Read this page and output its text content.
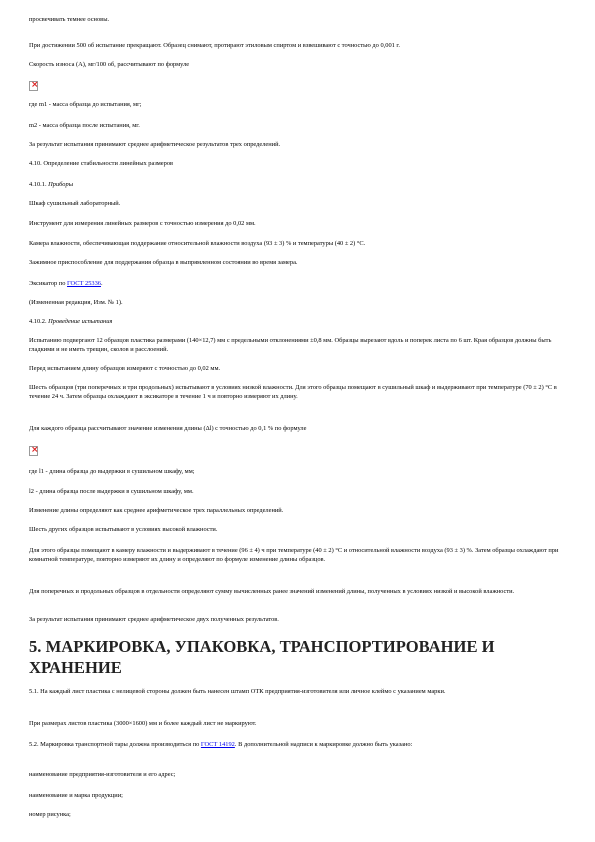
просвечивать темнее основы.
При достижении 500 об испытание прекращают. Образец снимают, протирают этиловым спиртом и взвешивают с точностью до 0,001 г.
Скорость износа (A), мг/100 об, рассчитывают по формуле
×
где m1 - масса образца до испытания, мг;
m2 - масса образца после испытания, мг.
За результат испытания принимают среднее арифметическое результатов трех определений.
4.10. Определение стабильности линейных размеров
4.10.1. Приборы
Шкаф сушильный лабораторный.
Инструмент для измерения линейных размеров с точностью измерения до 0,02 мм.
Камера влажности, обеспечивающая поддержание относительной влажности воздуха (93 ± 3) % и температуры (40 ± 2) °С.
Зажимное приспособление для поддержания образца в выпрямленном состоянии во время замера.
Эксикатор по ГОСТ 25336.
(Измененная редакция, Изм. № 1).
4.10.2. Проведение испытания
Испытанию подвергают 12 образцов пластика размерами (140×12,7) мм с предельными отклонениями ±0,8 мм. Образцы вырезают вдоль и поперек листа по 6 шт. Края образцов должны быть гладкими и не иметь трещин, сколов и расслоений.
Перед испытанием длину образцов измеряют с точностью до 0,02 мм.
Шесть образцов (три поперечных и три продольных) испытывают в условиях низкой влажности. Для этого образцы помещают в сушильный шкаф и выдерживают при температуре (70 ± 2) °С в течение 24 ч. Затем образцы охлаждают в эксикаторе в течение 1 ч и повторно измеряют их длину.
Для каждого образца рассчитывают значение изменения длины (Δl) с точностью до 0,1 % по формуле
×
где l1 - длина образца до выдержки в сушильном шкафу, мм;
l2 - длина образца после выдержки в сушильном шкафу, мм.
Изменение длины определяют как среднее арифметическое трех параллельных определений.
Шесть других образцов испытывают в условиях высокой влажности.
Для этого образцы помещают в камеру влажности и выдерживают в течение (96 ± 4) ч при температуре (40 ± 2) °С и относительной влажности воздуха (93 ± 3) %. Затем образцы охлаждают при комнатной температуре, повторно измеряют их длину и определяют по формуле изменение длины образцов.
Для поперечных и продольных образцов в отдельности определяют сумму вычисленных ранее значений изменений длины, полученных в условиях низкой и высокой влажности.
За результат испытания принимают среднее арифметическое двух полученных результатов.
5. МАРКИРОВКА, УПАКОВКА, ТРАНСПОРТИРОВАНИЕ И ХРАНЕНИЕ
5.1. На каждый лист пластика с нелицевой стороны должен быть нанесен штамп ОТК предприятия-изготовителя или личное клеймо с указанием марки.
При размерах листов пластика (3000×1600) мм и более каждый лист не маркируют.
5.2. Маркировка транспортной тары должна производиться по ГОСТ 14192. В дополнительной надписи к маркировке должно быть указано:
наименование предприятия-изготовителя и его адрес;
наименование и марка продукции;
номер рисунка;
